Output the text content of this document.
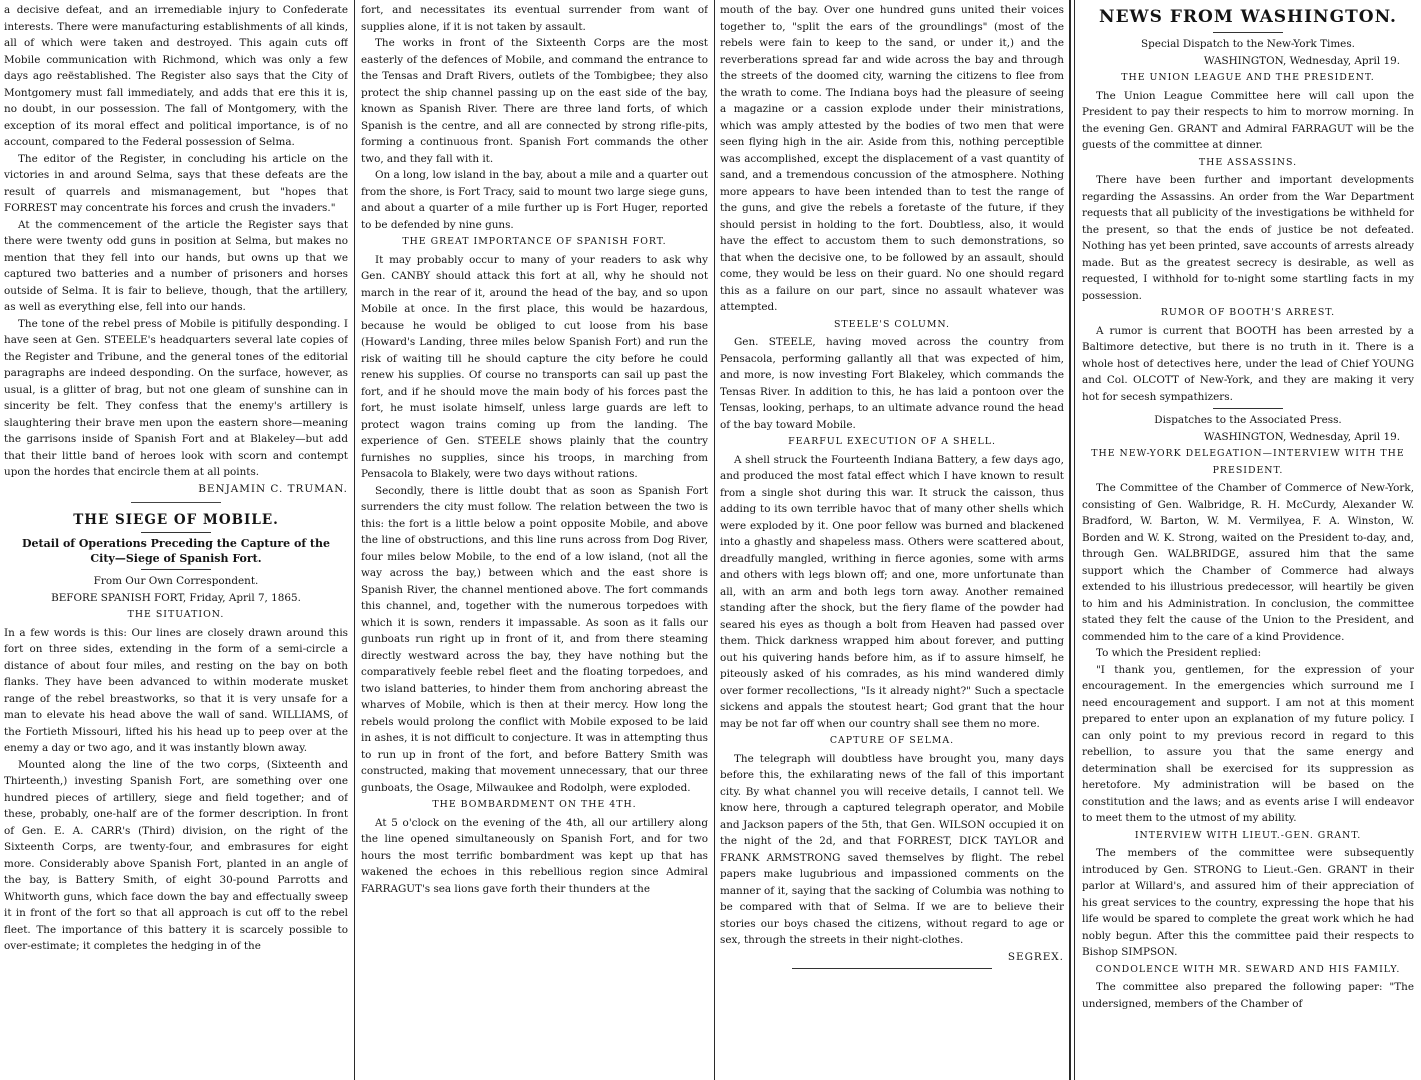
a decisive defeat, and an irremediable injury to Confederate interests. There were manufacturing establishments of all kinds, all of which were taken and destroyed. This again cuts off Mobile communication with Richmond, which was only a few days ago reëstablished. The Register also says that the City of Montgomery must fall immediately, and adds that ere this it is, no doubt, in our possession. The fall of Montgomery, with the exception of its moral effect and political importance, is of no account, compared to the Federal possession of Selma.

The editor of the Register, in concluding his article on the victories in and around Selma, says that these defeats are the result of quarrels and mismanagement, but "hopes that FORREST may concentrate his forces and crush the invaders."

At the commencement of the article the Register says that there were twenty odd guns in position at Selma, but makes no mention that they fell into our hands, but owns up that we captured two batteries and a number of prisoners and horses outside of Selma. It is fair to believe, though, that the artillery, as well as everything else, fell into our hands.

The tone of the rebel press of Mobile is pitifully desponding. I have seen at Gen. STEELE's headquarters several late copies of the Register and Tribune, and the general tones of the editorial paragraphs are indeed desponding. On the surface, however, as usual, is a glitter of brag, but not one gleam of sunshine can in sincerity be felt. They confess that the enemy's artillery is slaughtering their brave men upon the eastern shore—meaning the garrisons inside of Spanish Fort and at Blakeley—but add that their little band of heroes look with scorn and contempt upon the hordes that encircle them at all points.

BENJAMIN C. TRUMAN.

THE SIEGE OF MOBILE.
Detail of Operations Preceding the Capture of the City—Siege of Spanish Fort.

From Our Own Correspondent.

BEFORE SPANISH FORT, Friday, April 7, 1865.

THE SITUATION.

In a few words is this: Our lines are closely drawn around this fort on three sides, extending in the form of a semi-circle a distance of about four miles, and resting on the bay on both flanks. They have been advanced to within moderate musket range of the rebel breastworks, so that it is very unsafe for a man to elevate his head above the wall of sand. WILLIAMS, of the Fortieth Missouri, lifted his his head up to peep over at the enemy a day or two ago, and it was instantly blown away.

Mounted along the line of the two corps, (Sixteenth and Thirteenth,) investing Spanish Fort, are something over one hundred pieces of artillery, siege and field together; and of these, probably, one-half are of the former description. In front of Gen. E. A. CARR's (Third) division, on the right of the Sixteenth Corps, are twenty-four, and embrasures for eight more. Considerably above Spanish Fort, planted in an angle of the bay, is Battery Smith, of eight 30-pound Parrotts and Whitworth guns, which face down the bay and effectually sweep it in front of the fort so that all approach is cut off to the rebel fleet. The importance of this battery it is scarcely possible to over-estimate; it completes the hedging in of the

fort, and necessitates its eventual surrender from want of supplies alone, if it is not taken by assault.

The works in front of the Sixteenth Corps are the most easterly of the defences of Mobile, and command the entrance to the Tensas and Draft Rivers, outlets of the Tombigbee; they also protect the ship channel passing up on the east side of the bay, known as Spanish River. There are three land forts, of which Spanish is the centre, and all are connected by strong rifle-pits, forming a continuous front. Spanish Fort commands the other two, and they fall with it.

On a long, low island in the bay, about a mile and a quarter out from the shore, is Fort Tracy, said to mount two large siege guns, and about a quarter of a mile further up is Fort Huger, reported to be defended by nine guns.

THE GREAT IMPORTANCE OF SPANISH FORT.

It may probably occur to many of your readers to ask why Gen. CANBY should attack this fort at all, why he should not march in the rear of it, around the head of the bay, and so upon Mobile at once. In the first place, this would be hazardous, because he would be obliged to cut loose from his base (Howard's Landing, three miles below Spanish Fort) and run the risk of waiting till he should capture the city before he could renew his supplies. Of course no transports can sail up past the fort, and if he should move the main body of his forces past the fort, he must isolate himself, unless large guards are left to protect wagon trains coming up from the landing. The experience of Gen. STEELE shows plainly that the country furnishes no supplies, since his troops, in marching from Pensacola to Blakely, were two days without rations.

Secondly, there is little doubt that as soon as Spanish Fort surrenders the city must follow. The relation between the two is this: the fort is a little below a point opposite Mobile, and above the line of obstructions, and this line runs across from Dog River, four miles below Mobile, to the end of a low island, (not all the way across the bay,) between which and the east shore is Spanish River, the channel mentioned above. The fort commands this channel, and, together with the numerous torpedoes with which it is sown, renders it impassable. As soon as it falls our gunboats run right up in front of it, and from there steaming directly westward across the bay, they have nothing but the comparatively feeble rebel fleet and the floating torpedoes, and two island batteries, to hinder them from anchoring abreast the wharves of Mobile, which is then at their mercy. How long the rebels would prolong the conflict with Mobile exposed to be laid in ashes, it is not difficult to conjecture. It was in attempting thus to run up in front of the fort, and before Battery Smith was constructed, making that movement unnecessary, that our three gunboats, the Osage, Milwaukee and Rodolph, were exploded.

THE BOMBARDMENT ON THE 4TH.

At 5 o'clock on the evening of the 4th, all our artillery along the line opened simultaneously on Spanish Fort, and for two hours the most terrific bombardment was kept up that has wakened the echoes in this rebellious region since Admiral FARRAGUT's sea lions gave forth their thunders at the

mouth of the bay. Over one hundred guns united their voices together to, "split the ears of the groundlings" (most of the rebels were fain to keep to the sand, or under it,) and the reverberations spread far and wide across the bay and through the streets of the doomed city, warning the citizens to flee from the wrath to come. The Indiana boys had the pleasure of seeing a magazine or a cassion explode under their ministrations, which was amply attested by the bodies of two men that were seen flying high in the air. Aside from this, nothing perceptible was accomplished, except the displacement of a vast quantity of sand, and a tremendous concussion of the atmosphere. Nothing more appears to have been intended than to test the range of the guns, and give the rebels a foretaste of the future, if they should persist in holding to the fort. Doubtless, also, it would have the effect to accustom them to such demonstrations, so that when the decisive one, to be followed by an assault, should come, they would be less on their guard. No one should regard this as a failure on our part, since no assault whatever was attempted.

STEELE'S COLUMN.

Gen. STEELE, having moved across the country from Pensacola, performing gallantly all that was expected of him, and more, is now investing Fort Blakeley, which commands the Tensas River. In addition to this, he has laid a pontoon over the Tensas, looking, perhaps, to an ultimate advance round the head of the bay toward Mobile.

FEARFUL EXECUTION OF A SHELL.

A shell struck the Fourteenth Indiana Battery, a few days ago, and produced the most fatal effect which I have known to result from a single shot during this war. It struck the caisson, thus adding to its own terrible havoc that of many other shells which were exploded by it. One poor fellow was burned and blackened into a ghastly and shapeless mass. Others were scattered about, dreadfully mangled, writhing in fierce agonies, some with arms and others with legs blown off; and one, more unfortunate than all, with an arm and both legs torn away. Another remained standing after the shock, but the fiery flame of the powder had seared his eyes as though a bolt from Heaven had passed over them. Thick darkness wrapped him about forever, and putting out his quivering hands before him, as if to assure himself, he piteously asked of his comrades, as his mind wandered dimly over former recollections, "Is it already night?" Such a spectacle sickens and appals the stoutest heart; God grant that the hour may be not far off when our country shall see them no more.

CAPTURE OF SELMA.

The telegraph will doubtless have brought you, many days before this, the exhilarating news of the fall of this important city. By what channel you will receive details, I cannot tell. We know here, through a captured telegraph operator, and Mobile and Jackson papers of the 5th, that Gen. WILSON occupied it on the night of the 2d, and that FORREST, DICK TAYLOR and FRANK ARMSTRONG saved themselves by flight. The rebel papers make lugubrious and impassioned comments on the manner of it, saying that the sacking of Columbia was nothing to be compared with that of Selma. If we are to believe their stories our boys chased the citizens, without regard to age or sex, through the streets in their night-clothes.

SEGREX.

NEWS FROM WASHINGTON.

Special Dispatch to the New-York Times.

WASHINGTON, Wednesday, April 19.

THE UNION LEAGUE AND THE PRESIDENT.

The Union League Committee here will call upon the President to pay their respects to him to morrow morning. In the evening Gen. GRANT and Admiral FARRAGUT will be the guests of the committee at dinner.

THE ASSASSINS.

There have been further and important developments regarding the Assassins. An order from the War Department requests that all publicity of the investigations be withheld for the present, so that the ends of justice be not defeated. Nothing has yet been printed, save accounts of arrests already made. But as the greatest secrecy is desirable, as well as requested, I withhold for to-night some startling facts in my possession.

RUMOR OF BOOTH'S ARREST.

A rumor is current that BOOTH has been arrested by a Baltimore detective, but there is no truth in it. There is a whole host of detectives here, under the lead of Chief YOUNG and Col. OLCOTT of New-York, and they are making it very hot for secesh sympathizers.

Dispatches to the Associated Press.

WASHINGTON, Wednesday, April 19.

THE NEW-YORK DELEGATION—INTERVIEW WITH THE PRESIDENT.

The Committee of the Chamber of Commerce of New-York, consisting of Gen. Walbridge, R. H. McCurdy, Alexander W. Bradford, W. Barton, W. M. Vermilyea, F. A. Winston, W. Borden and W. K. Strong, waited on the President to-day, and, through Gen. WALBRIDGE, assured him that the same support which the Chamber of Commerce had always extended to his illustrious predecessor, will heartily be given to him and his Administration. In conclusion, the committee stated they felt the cause of the Union to the President, and commended him to the care of a kind Providence.

To which the President replied:

"I thank you, gentlemen, for the expression of your encouragement. In the emergencies which surround me I need encouragement and support. I am not at this moment prepared to enter upon an explanation of my future policy. I can only point to my previous record in regard to this rebellion, to assure you that the same energy and determination shall be exercised for its suppression as heretofore. My administration will be based on the constitution and the laws; and as events arise I will endeavor to meet them to the utmost of my ability.

INTERVIEW WITH LIEUT.-GEN. GRANT.

The members of the committee were subsequently introduced by Gen. STRONG to Lieut.-Gen. GRANT in their parlor at Willard's, and assured him of their appreciation of his great services to the country, expressing the hope that his life would be spared to complete the great work which he had nobly begun. After this the committee paid their respects to Bishop SIMPSON.

CONDOLENCE WITH MR. SEWARD AND HIS FAMILY.

The committee also prepared the following paper: "The undersigned, members of the Chamber of
